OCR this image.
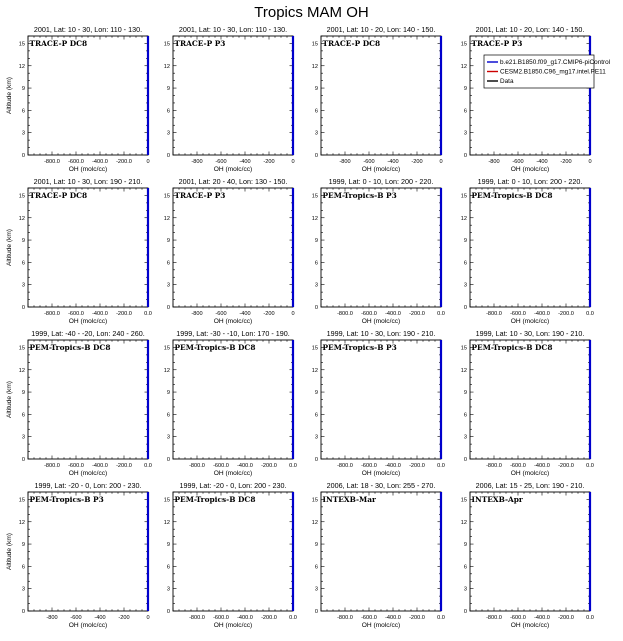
Tropics MAM OH
2001, Lat: 10 - 30, Lon: 110 - 130.
TRACE-P DC8
0
3
6
9
12
15
-800.0 -600.0 -400.0 -200.0	0
OH (molc/cc)
Altitude (km)
2001, Lat: 10 - 30, Lon: 110 - 130.
TRACE-P P3
0
3
6
9
12
15
-800 -600 -400 -200	0
OH (molc/cc)
2001, Lat: 10 - 20, Lon: 140 - 150.
TRACE-P DC8
0
3
6
9
12
15
-800 -600 -400 -200	0
OH (molc/cc)
2001, Lat: 10 - 20, Lon: 140 - 150.
TRACE-P P3
0
3
6
9
12
15
-800 -600 -400 -200	0
OH (molc/cc)
b.e21.B1850.f09_g17.CMIP6-piControl
CESM2.B1850.C96_mg17.intel.PE11
Data
2001, Lat: 10 - 30, Lon: 190 - 210.
TRACE-P DC8
0
3
6
9
12
15
-800.0 -600.0 -400.0 -200.0 0.0
OH (molc/cc)
Altitude (km)
2001, Lat: 20 - 40, Lon: 130 - 150.
TRACE-P P3
0
3
6
9
12
15
-800 -600 -400 -200	0
OH (molc/cc)
1999, Lat: 0 - 10, Lon: 200 - 220.
PEM-Tropics-B P3
0
3
6
9
12
15
-800.0 -600.0 -400.0 -200.0 0.0
OH (molc/cc)
1999, Lat: 0 - 10, Lon: 200 - 220.
PEM-Tropics-B DC8
0
3
6
9
12
15
-800.0 -600.0 -400.0 -200.0 0.0
OH (molc/cc)
1999, Lat: -40 - -20, Lon: 240 - 260.
PEM-Tropics-B DC8
0
3
6
9
12
15
-800.0 -600.0 -400.0 -200.0 0.0
OH (molc/cc)
Altitude (km)
1999, Lat: -30 - -10, Lon: 170 - 190.
PEM-Tropics-B DC8
0
3
6
9
12
15
-800.0 -600.0 -400.0 -200.0 0.0
OH (molc/cc)
1999, Lat: 10 - 30, Lon: 190 - 210.
PEM-Tropics-B P3
0
3
6
9
12
15
-800.0 -600.0 -400.0 -200.0 0.0
OH (molc/cc)
1999, Lat: 10 - 30, Lon: 190 - 210.
PEM-Tropics-B DC8
0
3
6
9
12
15
-800.0 -600.0 -400.0 -200.0 0.0
OH (molc/cc)
1999, Lat: -20 - 0, Lon: 200 - 230.
PEM-Tropics-B P3
0
3
6
9
12
15
-800 -600 -400 -200	0
OH (molc/cc)
Altitude (km)
1999, Lat: -20 - 0, Lon: 200 - 230.
PEM-Tropics-B DC8
0
3
6
9
12
15
-800.0 -600.0 -400.0 -200.0 0.0
OH (molc/cc)
2006, Lat: 18 - 30, Lon: 255 - 270.
INTEXB-Mar
0
3
6
9
12
15
-800.0 -600.0 -400.0 -200.0 0.0
OH (molc/cc)
2006, Lat: 15 - 25, Lon: 190 - 210.
INTEXB-Apr
0
3
6
9
12
15
-800.0 -600.0 -400.0 -200.0 0.0
OH (molc/cc)
